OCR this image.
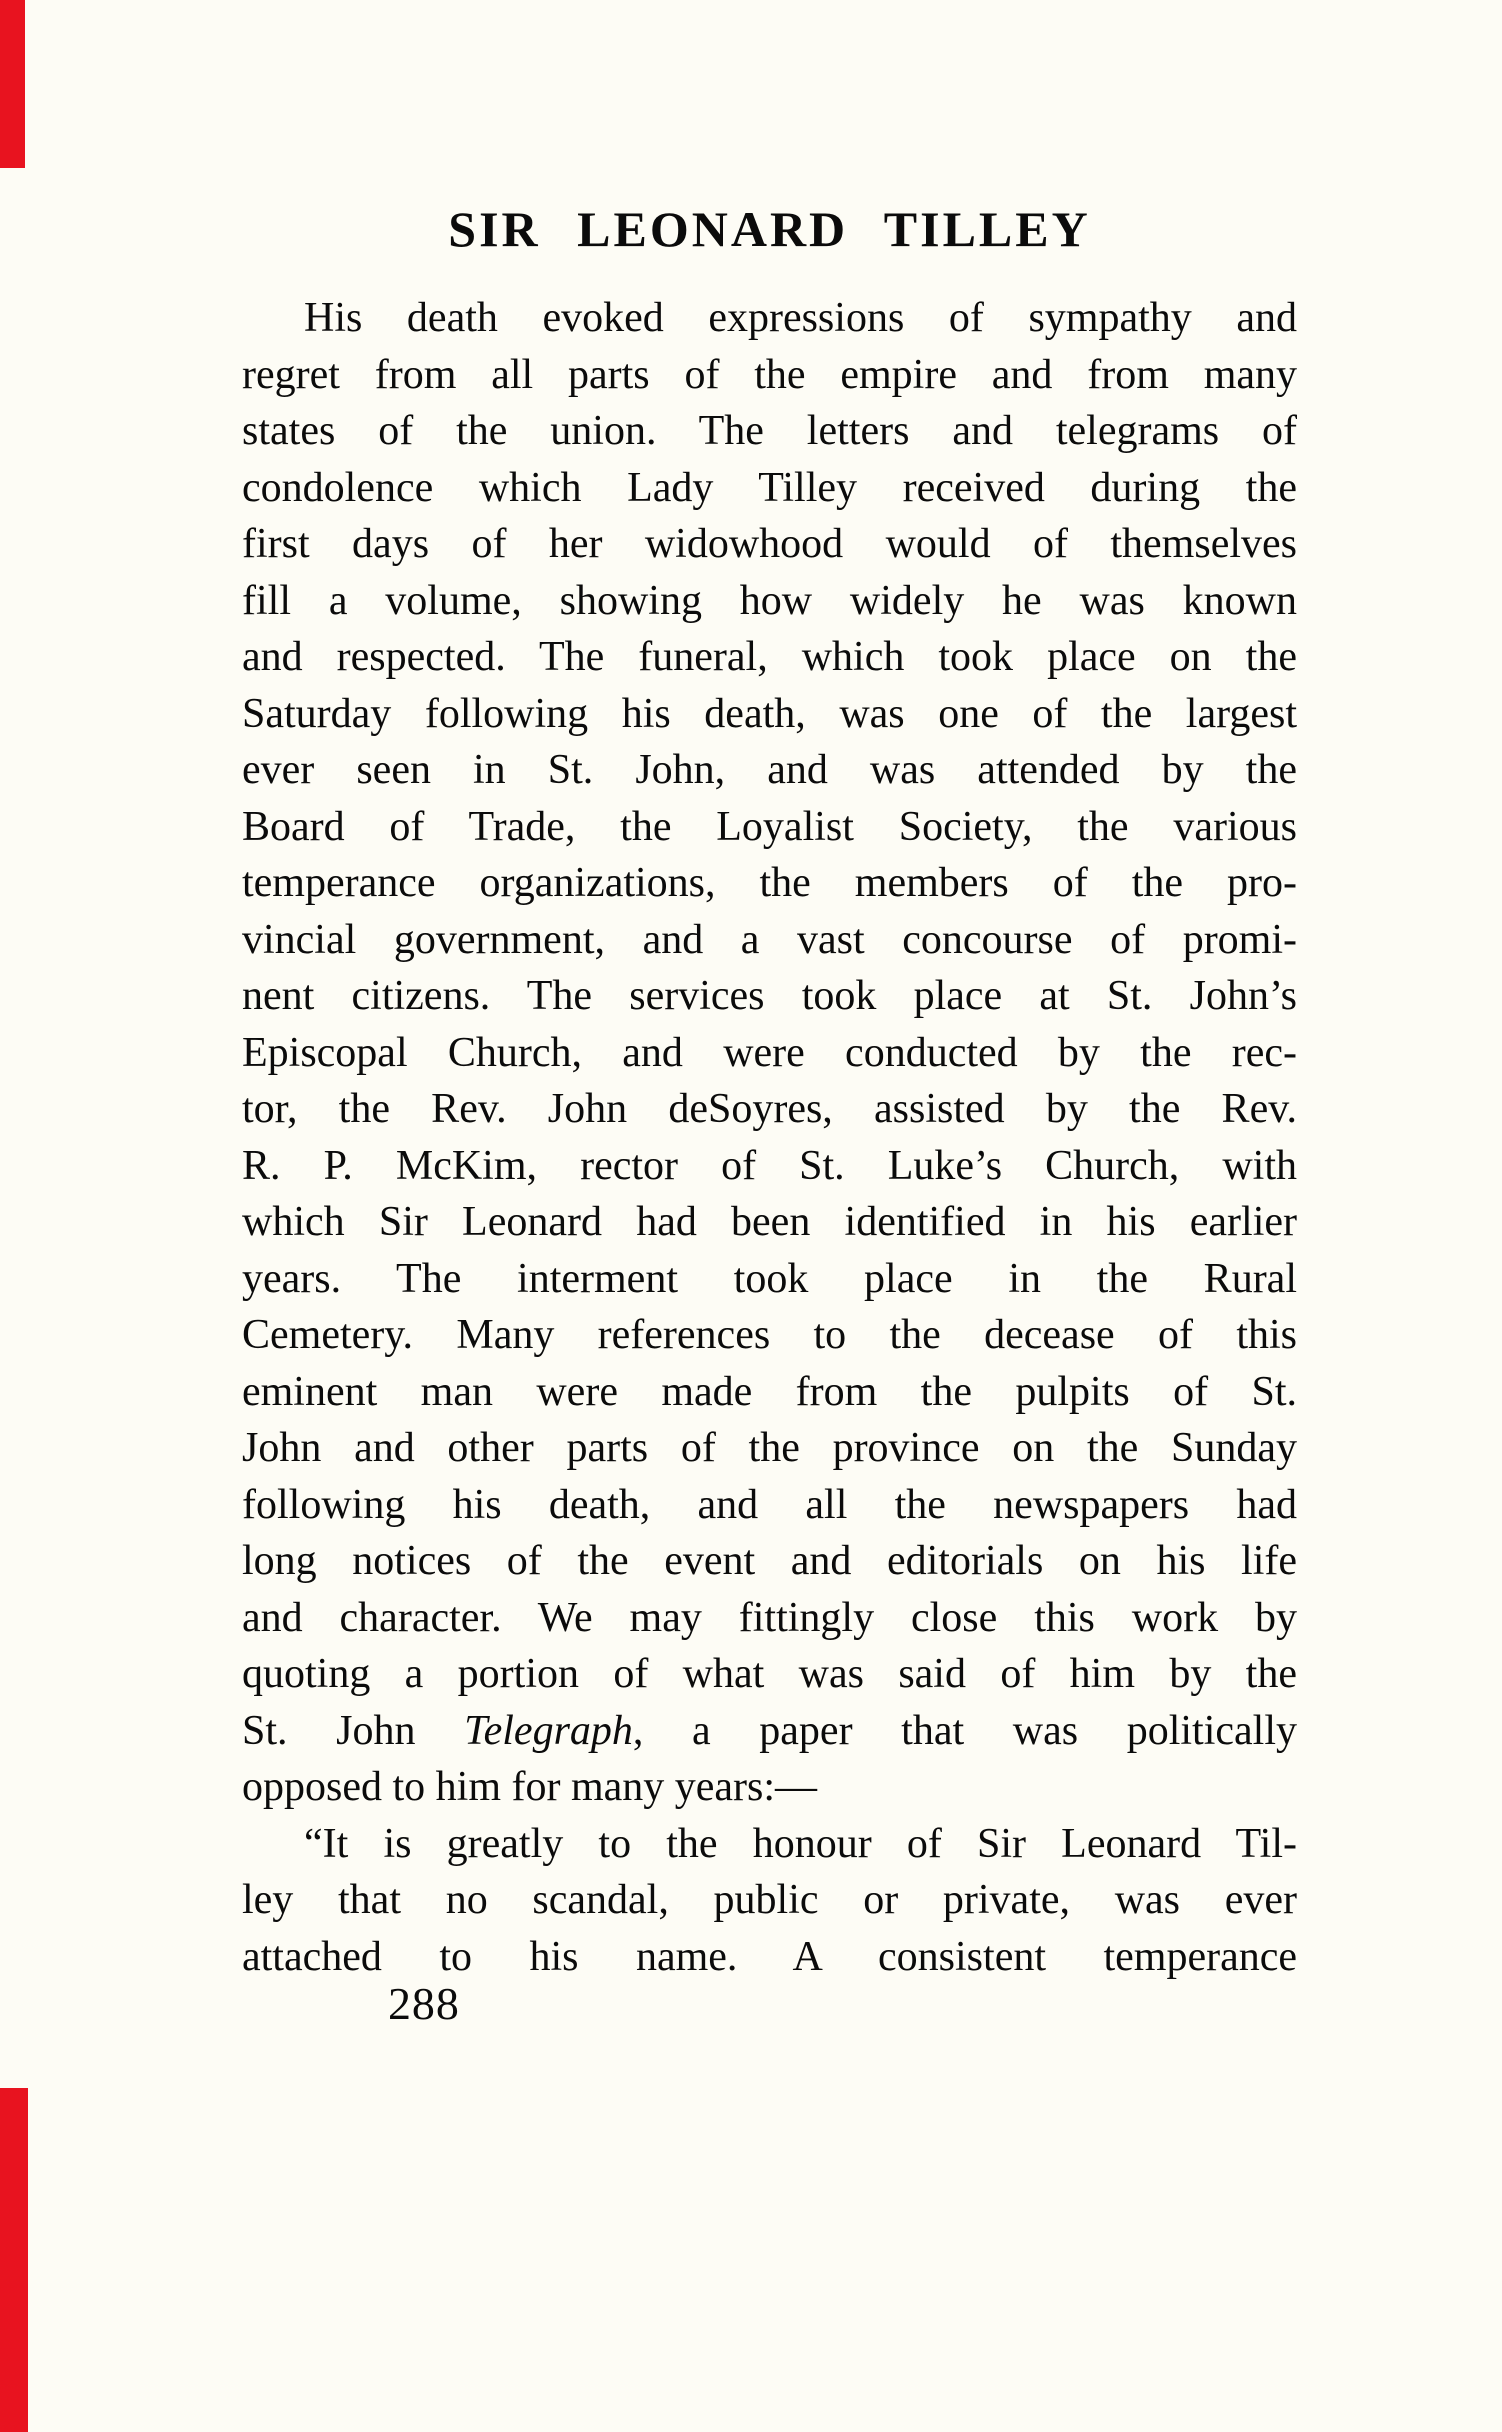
SIR LEONARD TILLEY
His death evoked expressions of sympathy and
regret from all parts of the empire and from many
states of the union. The letters and telegrams of
condolence which Lady Tilley received during the
first days of her widowhood would of themselves
fill a volume, showing how widely he was known
and respected. The funeral, which took place on the
Saturday following his death, was one of the largest
ever seen in St. John, and was attended by the
Board of Trade, the Loyalist Society, the various
temperance organizations, the members of the pro-
vincial government, and a vast concourse of promi-
nent citizens. The services took place at St. John’s
Episcopal Church, and were conducted by the rec-
tor, the Rev. John deSoyres, assisted by the Rev.
R. P. McKim, rector of St. Luke’s Church, with
which Sir Leonard had been identified in his earlier
years. The interment took place in the Rural
Cemetery. Many references to the decease of this
eminent man were made from the pulpits of St.
John and other parts of the province on the Sunday
following his death, and all the newspapers had
long notices of the event and editorials on his life
and character. We may fittingly close this work by
quoting a portion of what was said of him by the
St. John Telegraph, a paper that was politically
opposed to him for many years:—
“It is greatly to the honour of Sir Leonard Til-
ley that no scandal, public or private, was ever
attached to his name. A consistent temperance
288
